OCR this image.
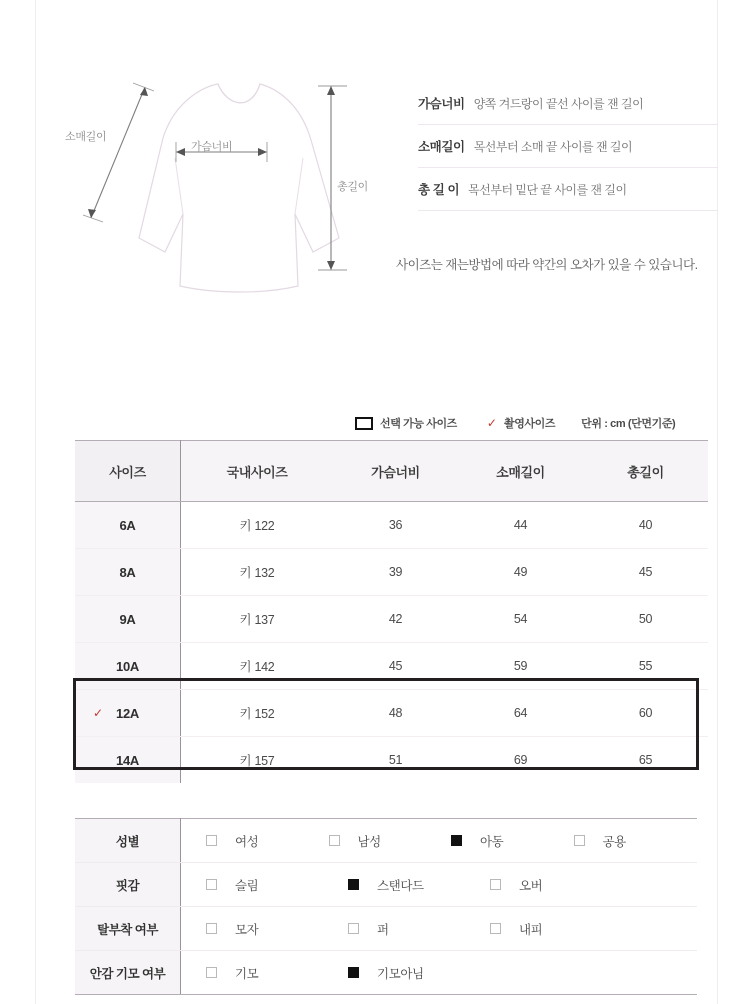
소매길이
가슴너비
총길이
가슴너비 양쪽 겨드랑이 끝선 사이를 잰 길이
소매길이 목선부터 소매 끝 사이를 잰 길이
총 길 이 목선부터 밑단 끝 사이를 잰 길이
사이즈는 재는방법에 따라 약간의 오차가 있을 수 있습니다.
선택 가능 사이즈	✓ 촬영사이즈 단위 : cm (단면기준)
사이즈	국내사이즈	가슴너비	소매길이	총길이
6A	키 122	36	44	40
8A	키 132	39	49	45
9A	키 137	42	54	50
10A	키 142	45	59	55

✓ 12A	키 152	48	64	60
14A	키 157	51	69	65
성별	여성 남성 아동 공용

핏감	슬림 스탠다드 오버

탈부착 여부	모자 퍼 내피

안감 기모 여부	기모 기모아님
